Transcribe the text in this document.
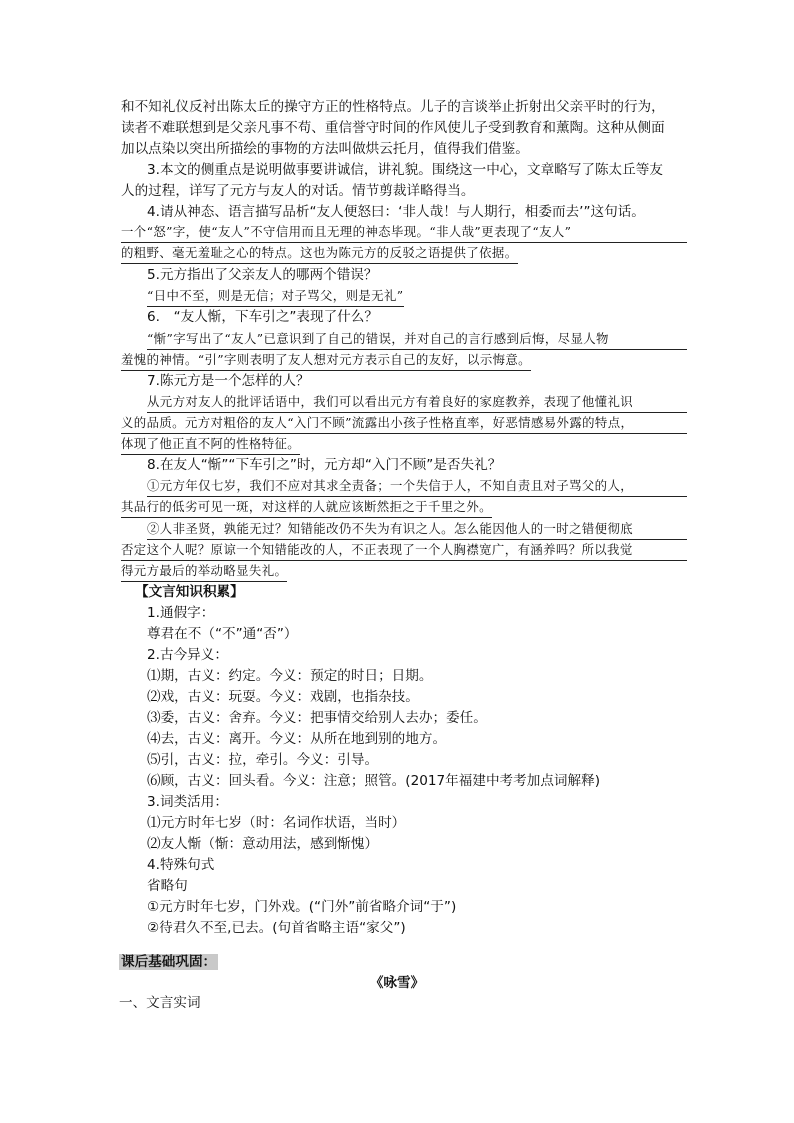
和不知礼仪反衬出陈太丘的操守方正的性格特点。儿子的言谈举止折射出父亲平时的行为，
读者不难联想到是父亲凡事不苟、重信誉守时间的作风使儿子受到教育和薰陶。这种从侧面
加以点染以突出所描绘的事物的方法叫做烘云托月，值得我们借鉴。
3.本文的侧重点是说明做事要讲诚信，讲礼貌。围绕这一中心，文章略写了陈太丘等友
人的过程，详写了元方与友人的对话。情节剪裁详略得当。
4.请从神态、语言描写品析“友人便怒曰：‘非人哉！与人期行，相委而去’”这句话。
一个“怒”字，使“友人”不守信用而且无理的神态毕现。“非人哉”更表现了“友人”
的粗野、毫无羞耻之心的特点。这也为陈元方的反驳之语提供了依据。
5.元方指出了父亲友人的哪两个错误？
“日中不至，则是无信；对子骂父，则是无礼”
6.　“友人惭，下车引之”表现了什么？
“惭”字写出了“友人”已意识到了自己的错误，并对自己的言行感到后悔，尽显人物
羞愧的神情。“引”字则表明了友人想对元方表示自己的友好，以示悔意。
7.陈元方是一个怎样的人？
从元方对友人的批评话语中，我们可以看出元方有着良好的家庭教养，表现了他懂礼识
义的品质。元方对粗俗的友人“入门不顾”流露出小孩子性格直率，好恶情感易外露的特点，
体现了他正直不阿的性格特征。
8.在友人“惭”“下车引之”时，元方却“入门不顾”是否失礼？
①元方年仅七岁，我们不应对其求全责备；一个失信于人，不知自责且对子骂父的人，
其品行的低劣可见一斑，对这样的人就应该断然拒之于千里之外。
②人非圣贤，孰能无过？知错能改仍不失为有识之人。怎么能因他人的一时之错便彻底
否定这个人呢？原谅一个知错能改的人，不正表现了一个人胸襟宽广，有涵养吗？所以我觉
得元方最后的举动略显失礼。
【文言知识积累】
1.通假字：
尊君在不（“不”通“否”）
2.古今异义：
⑴期，古义：约定。今义：预定的时日；日期。
⑵戏，古义：玩耍。今义：戏剧，也指杂技。
⑶委，古义：舍弃。今义：把事情交给别人去办；委任。
⑷去，古义：离开。今义：从所在地到别的地方。
⑸引，古义：拉，牵引。今义：引导。
⑹顾，古义：回头看。今义：注意；照管。(2017年福建中考考加点词解释)
3.词类活用：
⑴元方时年七岁（时：名词作状语，当时）
⑵友人惭（惭：意动用法，感到惭愧）
4.特殊句式
省略句
①元方时年七岁，门外戏。(“门外”前省略介词“于”)
②待君久不至,已去。(句首省略主语“家父”)
课后基础巩固：
《咏雪》
一、文言实词
